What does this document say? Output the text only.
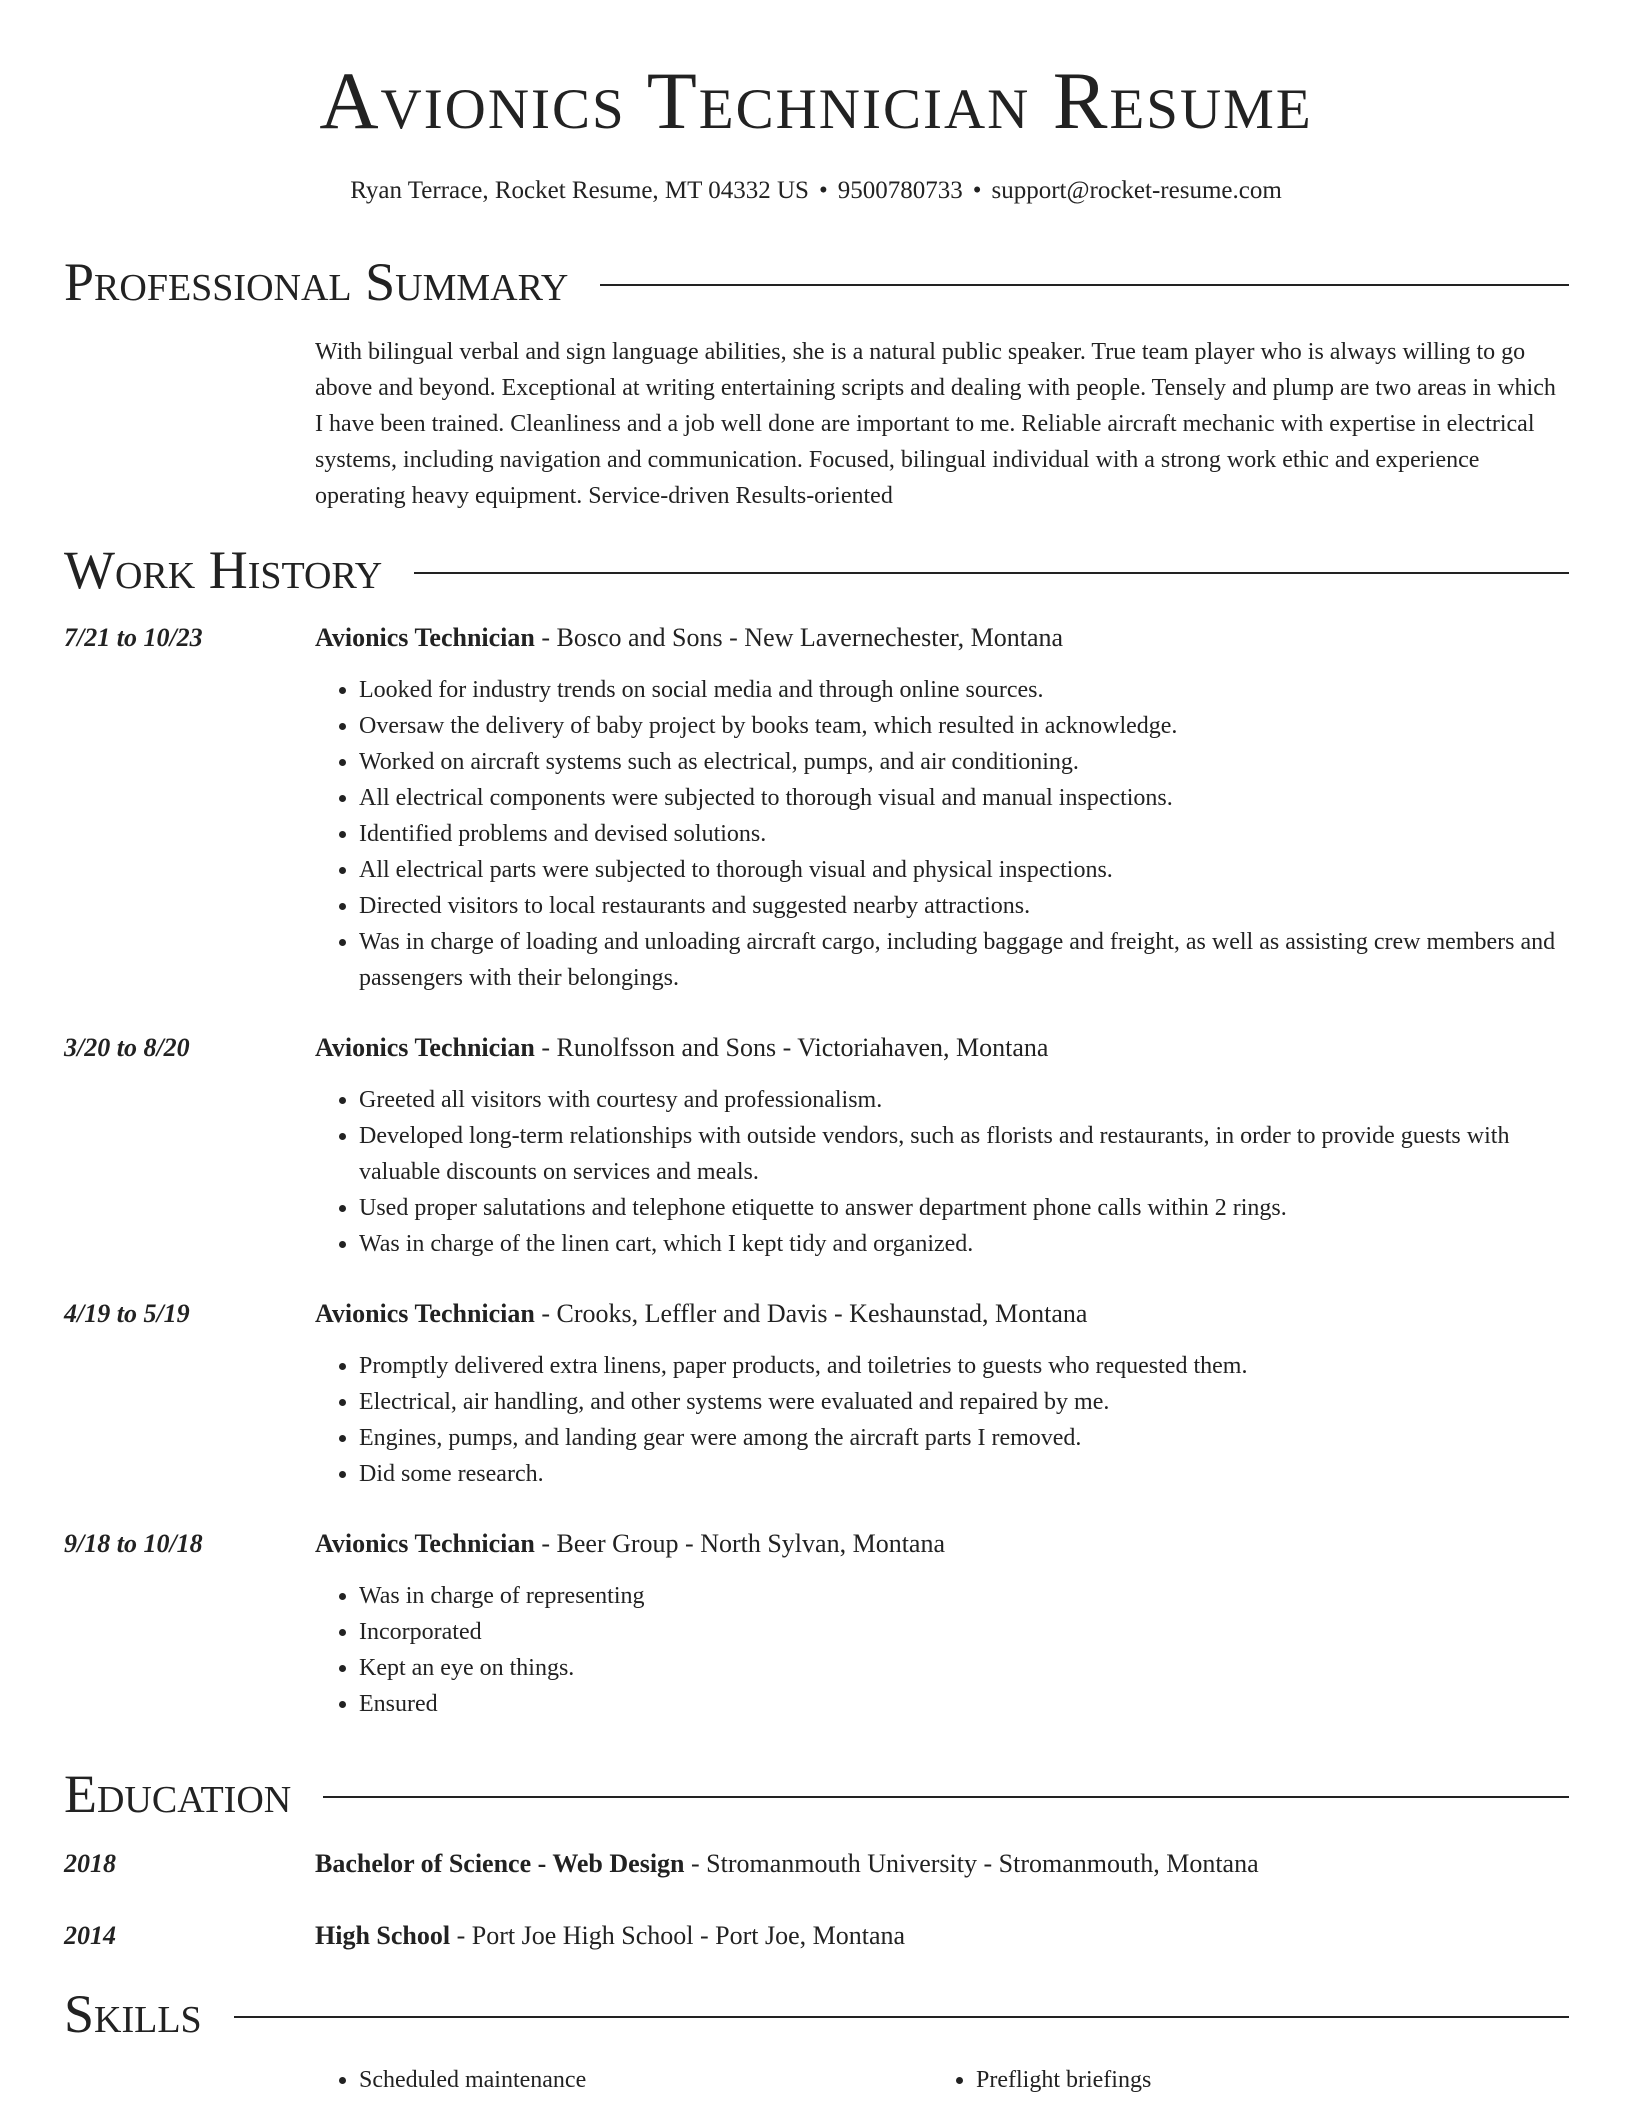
Avionics Technician Resume
Ryan Terrace, Rocket Resume, MT 04332 US • 9500780733 • support@rocket-resume.com
Professional Summary
With bilingual verbal and sign language abilities, she is a natural public speaker. True team player who is always willing to go above and beyond. Exceptional at writing entertaining scripts and dealing with people. Tensely and plump are two areas in which I have been trained. Cleanliness and a job well done are important to me. Reliable aircraft mechanic with expertise in electrical systems, including navigation and communication. Focused, bilingual individual with a strong work ethic and experience operating heavy equipment. Service-driven Results-oriented
Work History
7/21 to 10/23	Avionics Technician - Bosco and Sons - New Lavernechester, Montana
• Looked for industry trends on social media and through online sources.
• Oversaw the delivery of baby project by books team, which resulted in acknowledge.
• Worked on aircraft systems such as electrical, pumps, and air conditioning.
• All electrical components were subjected to thorough visual and manual inspections.
• Identified problems and devised solutions.
• All electrical parts were subjected to thorough visual and physical inspections.
• Directed visitors to local restaurants and suggested nearby attractions.
• Was in charge of loading and unloading aircraft cargo, including baggage and freight, as well as assisting crew members and passengers with their belongings.
3/20 to 8/20	Avionics Technician - Runolfsson and Sons - Victoriahaven, Montana
• Greeted all visitors with courtesy and professionalism.
• Developed long-term relationships with outside vendors, such as florists and restaurants, in order to provide guests with valuable discounts on services and meals.
• Used proper salutations and telephone etiquette to answer department phone calls within 2 rings.
• Was in charge of the linen cart, which I kept tidy and organized.
4/19 to 5/19	Avionics Technician - Crooks, Leffler and Davis - Keshaunstad, Montana
• Promptly delivered extra linens, paper products, and toiletries to guests who requested them.
• Electrical, air handling, and other systems were evaluated and repaired by me.
• Engines, pumps, and landing gear were among the aircraft parts I removed.
• Did some research.
9/18 to 10/18	Avionics Technician - Beer Group - North Sylvan, Montana
• Was in charge of representing
• Incorporated
• Kept an eye on things.
• Ensured
Education
2018	Bachelor of Science - Web Design - Stromanmouth University - Stromanmouth, Montana
2014	High School - Port Joe High School - Port Joe, Montana
Skills
• Scheduled maintenance
•	Preflight briefings
